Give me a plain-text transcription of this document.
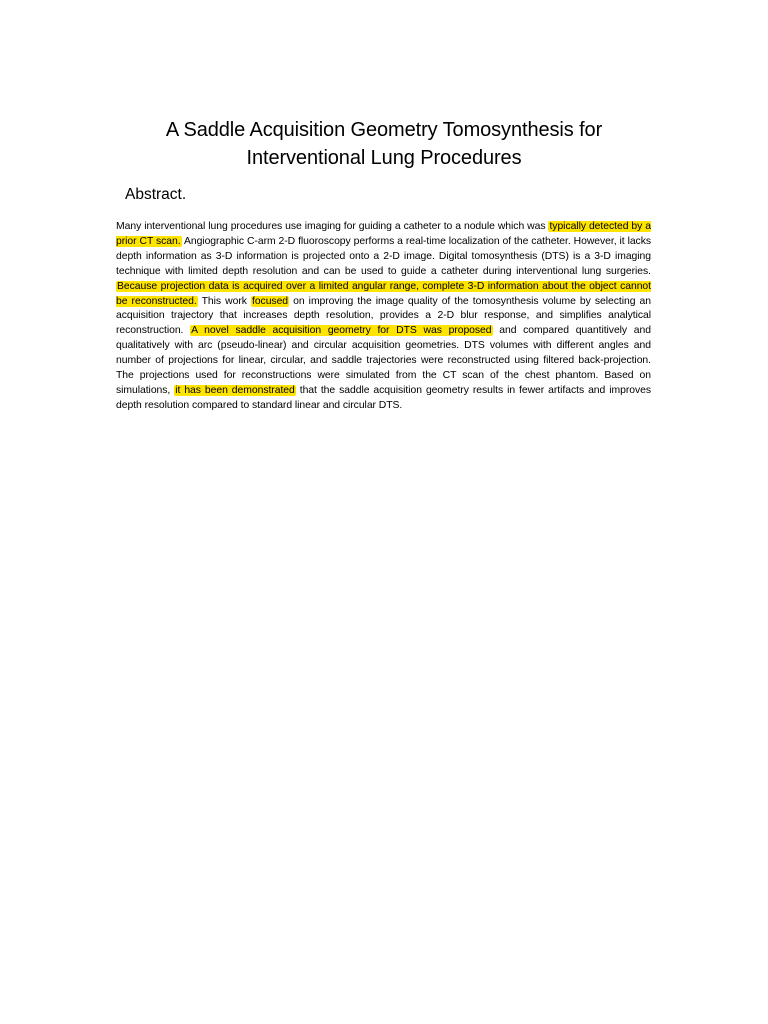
A Saddle Acquisition Geometry Tomosynthesis for
Interventional Lung Procedures
Abstract.

Many interventional lung procedures use imaging for guiding a catheter to a nodule which was typically detected by a prior CT scan. Angiographic C-arm 2-D fluoroscopy performs a real-time localization of the catheter. However, it lacks depth information as 3-D information is projected onto a 2-D image. Digital tomosynthesis (DTS) is a 3-D imaging technique with limited depth resolution and can be used to guide a catheter during interventional lung surgeries. Because projection data is acquired over a limited angular range, complete 3-D information about the object cannot be reconstructed. This work focused on improving the image quality of the tomosynthesis volume by selecting an acquisition trajectory that increases depth resolution, provides a 2-D blur response, and simplifies analytical reconstruction. A novel saddle acquisition geometry for DTS was proposed and compared quantitively and qualitatively with arc (pseudo-linear) and circular acquisition geometries. DTS volumes with different angles and number of projections for linear, circular, and saddle trajectories were reconstructed using filtered back-projection. The projections used for reconstructions were simulated from the CT scan of the chest phantom. Based on simulations, it has been demonstrated that the saddle acquisition geometry results in fewer artifacts and improves depth resolution compared to standard linear and circular DTS.
